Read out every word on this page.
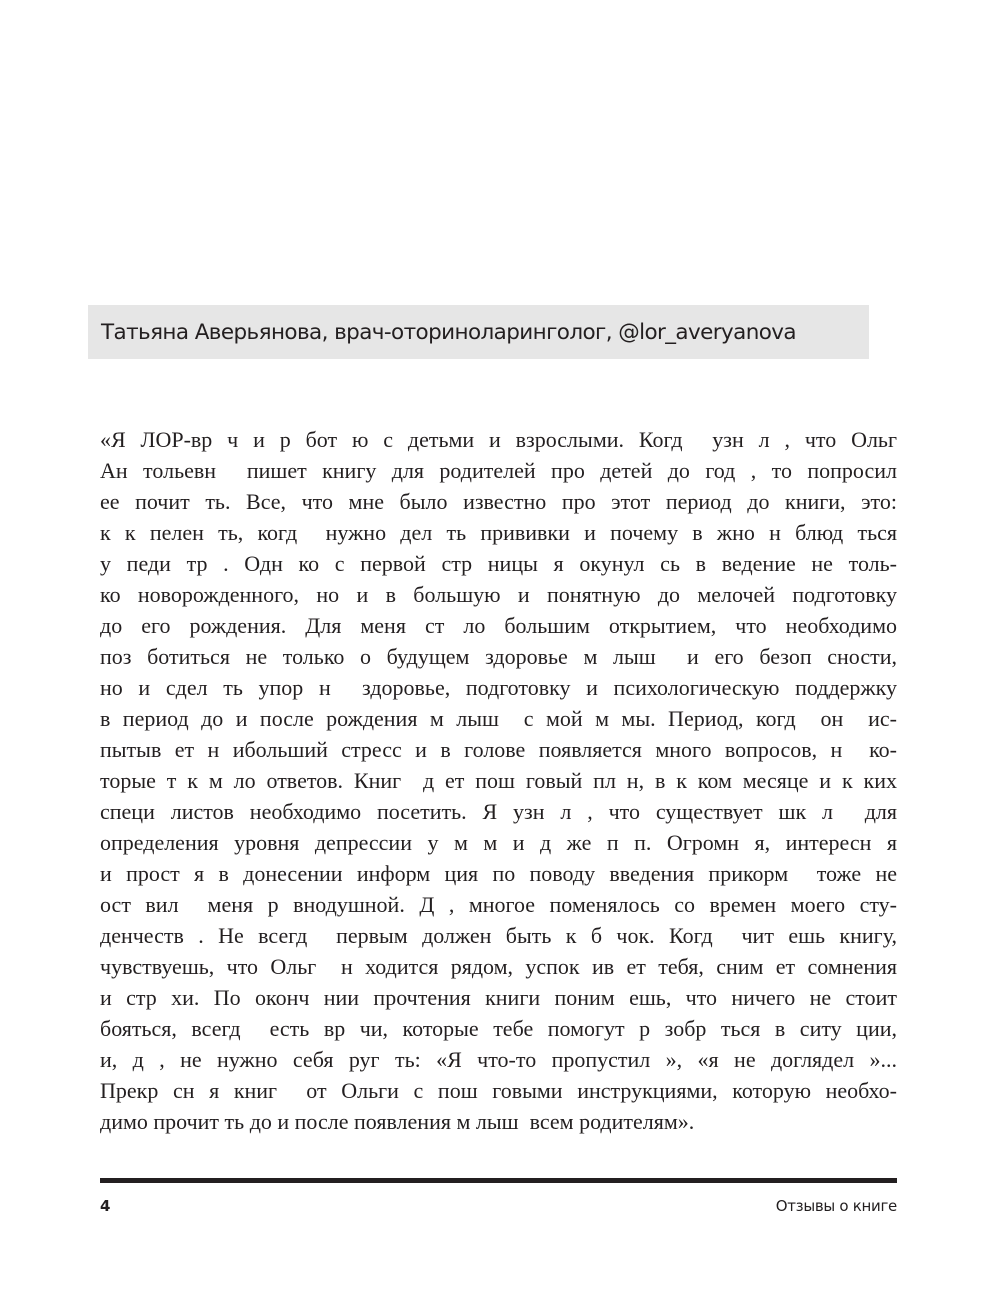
Татьяна Аверьянова, врач-оториноларинголог, @lor_averyanova
«Я ЛОР-вр ч и р бот ю с детьми и взрослыми. Когд  узн л , что Ольг
Ан тольевн  пишет книгу для родителей про детей до год , то попросил
ее почит ть. Все, что мне было известно про этот период до книги, это:
к к пелен ть, когд  нужно дел ть прививки и почему в жно н блюд ться
у педи тр . Одн ко с первой стр ницы я окунул сь в ведение не толь-
ко новорожденного, но и в большую и понятную до мелочей подготовку
до его рождения. Для меня ст ло большим открытием, что необходимо
поз ботиться не только о будущем здоровье м лыш  и его безоп сности,
но и сдел ть упор н  здоровье, подготовку и психологическую поддержку
в период до и после рождения м лыш  с мой м мы. Период, когд  он  ис-
пытыв ет н ибольший стресс и в голове появляется много вопросов, н  ко-
торые т к м ло ответов. Книг  д ет пош говый пл н, в к ком месяце и к ких
специ листов необходимо посетить. Я узн л , что существует шк л  для
определения уровня депрессии у м м и д же п п. Огромн я, интересн я
и прост я в донесении информ ция по поводу введения прикорм  тоже не
ост вил  меня р внодушной. Д , многое поменялось со времен моего сту-
денчеств . Не всегд  первым должен быть к б чок. Когд  чит ешь книгу,
чувствуешь, что Ольг  н ходится рядом, успок ив ет тебя, сним ет сомнения
и стр хи. По оконч нии прочтения книги поним ешь, что ничего не стоит
бояться, всегд  есть вр чи, которые тебе помогут р зобр ться в ситу ции,
и, д , не нужно себя руг ть: «Я что-то пропустил », «я не доглядел »...
Прекр сн я книг  от Ольги с пош говыми инструкциями, которую необхо-
димо прочит ть до и после появления м лыш  всем родителям».
4	Отзывы о книге
